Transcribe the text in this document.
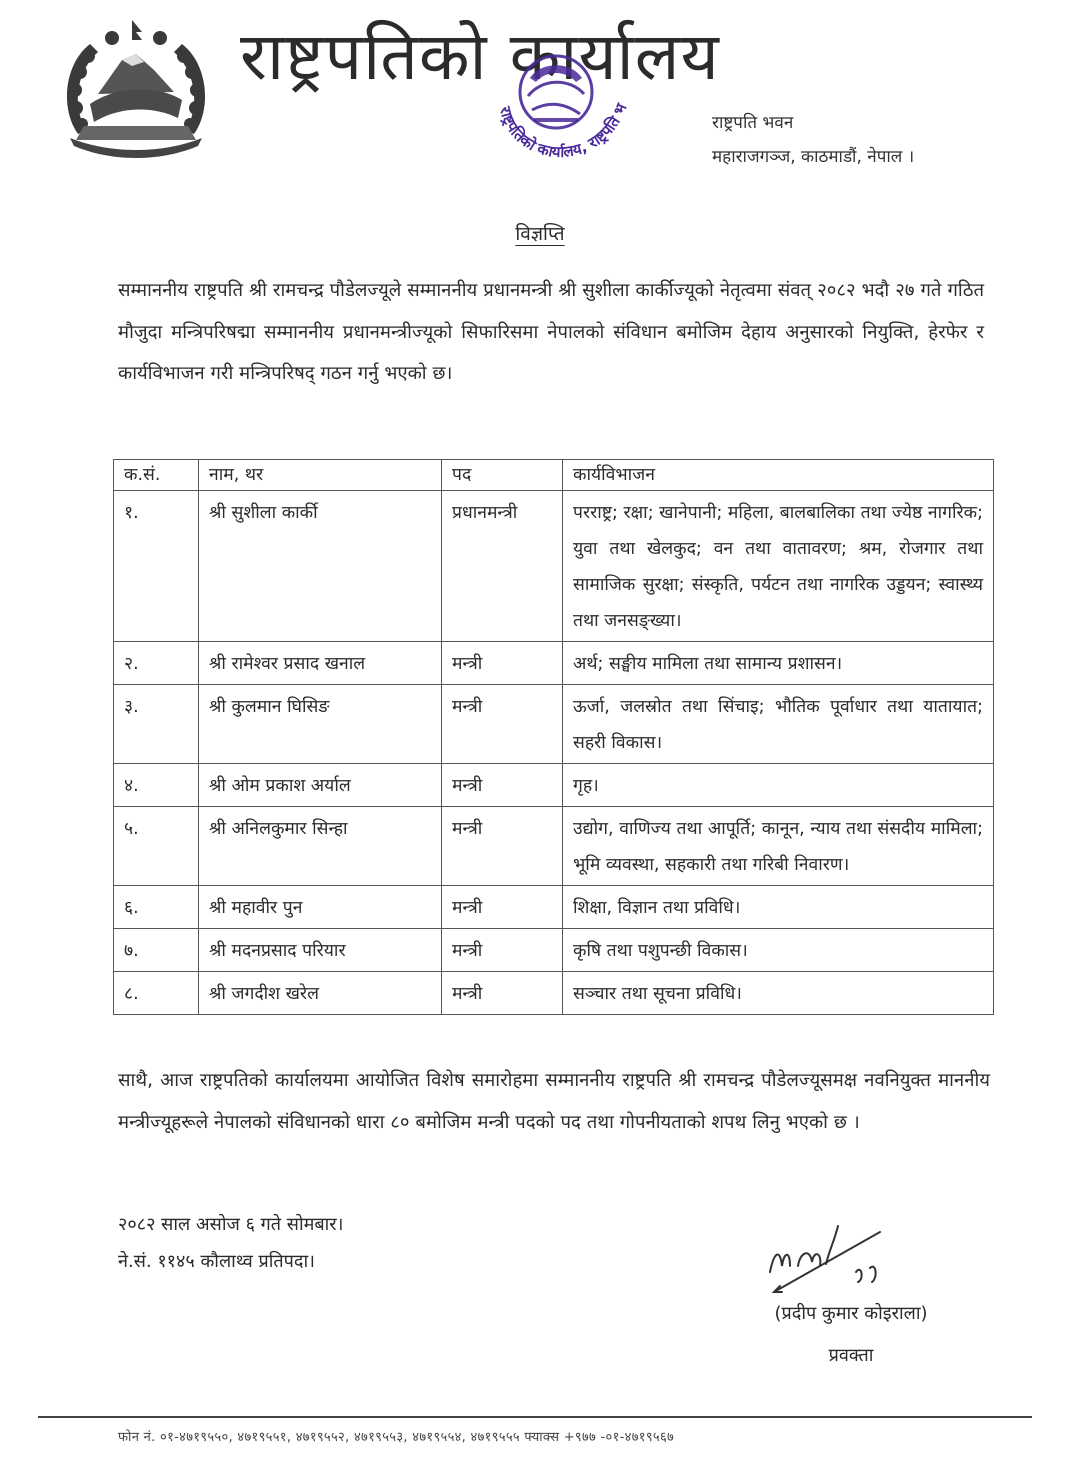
राष्ट्रपतिको कार्यालय
राष्ट्रपतिको कार्यालय, राष्ट्रपति भ
राष्ट्रपति भवन
महाराजगञ्ज, काठमाडौं, नेपाल ।
विज्ञप्ति
सम्माननीय राष्ट्रपति श्री रामचन्द्र पौडेलज्यूले सम्माननीय प्रधानमन्त्री श्री सुशीला कार्कीज्यूको नेतृत्वमा संवत् २०८२ भदौ २७ गते गठित मौजुदा मन्त्रिपरिषद्मा सम्माननीय प्रधानमन्त्रीज्यूको सिफारिसमा नेपालको संविधान बमोजिम देहाय अनुसारको नियुक्ति, हेरफेर र कार्यविभाजन गरी मन्त्रिपरिषद् गठन गर्नु भएको छ।
क.सं.	नाम, थर	पद	कार्यविभाजन
१.	श्री सुशीला कार्की	प्रधानमन्त्री	परराष्ट्र; रक्षा; खानेपानी; महिला, बालबालिका तथा ज्येष्ठ नागरिक; युवा तथा खेलकुद; वन तथा वातावरण; श्रम, रोजगार तथा सामाजिक सुरक्षा; संस्कृति, पर्यटन तथा नागरिक उड्डयन; स्वास्थ्य तथा जनसङ्ख्या।
२.	श्री रामेश्वर प्रसाद खनाल	मन्त्री	अर्थ; सङ्घीय मामिला तथा सामान्य प्रशासन।
३.	श्री कुलमान घिसिङ	मन्त्री	ऊर्जा, जलस्रोत तथा सिंचाइ; भौतिक पूर्वाधार तथा यातायात; सहरी विकास।
४.	श्री ओम प्रकाश अर्याल	मन्त्री	गृह।
५.	श्री अनिलकुमार सिन्हा	मन्त्री	उद्योग, वाणिज्य तथा आपूर्ति; कानून, न्याय तथा संसदीय मामिला; भूमि व्यवस्था, सहकारी तथा गरिबी निवारण।
६.	श्री महावीर पुन	मन्त्री	शिक्षा, विज्ञान तथा प्रविधि।
७.	श्री मदनप्रसाद परियार	मन्त्री	कृषि तथा पशुपन्छी विकास।
८.	श्री जगदीश खरेल	मन्त्री	सञ्चार तथा सूचना प्रविधि।
साथै, आज राष्ट्रपतिको कार्यालयमा आयोजित विशेष समारोहमा सम्माननीय राष्ट्रपति श्री रामचन्द्र पौडेलज्यूसमक्ष नवनियुक्त माननीय मन्त्रीज्यूहरूले नेपालको संविधानको धारा ८० बमोजिम मन्त्री पदको पद तथा गोपनीयताको शपथ लिनु भएको छ ।
२०८२ साल असोज ६ गते सोमबार।
ने.सं. ११४५ कौलाथ्व प्रतिपदा।
(प्रदीप कुमार कोइराला)
प्रवक्ता
फोन नं. ०१-४७१९५५०, ४७१९५५१, ४७१९५५२, ४७१९५५३, ४७१९५५४, ४७१९५५५ फ्याक्स +९७७ -०१-४७१९५६७
